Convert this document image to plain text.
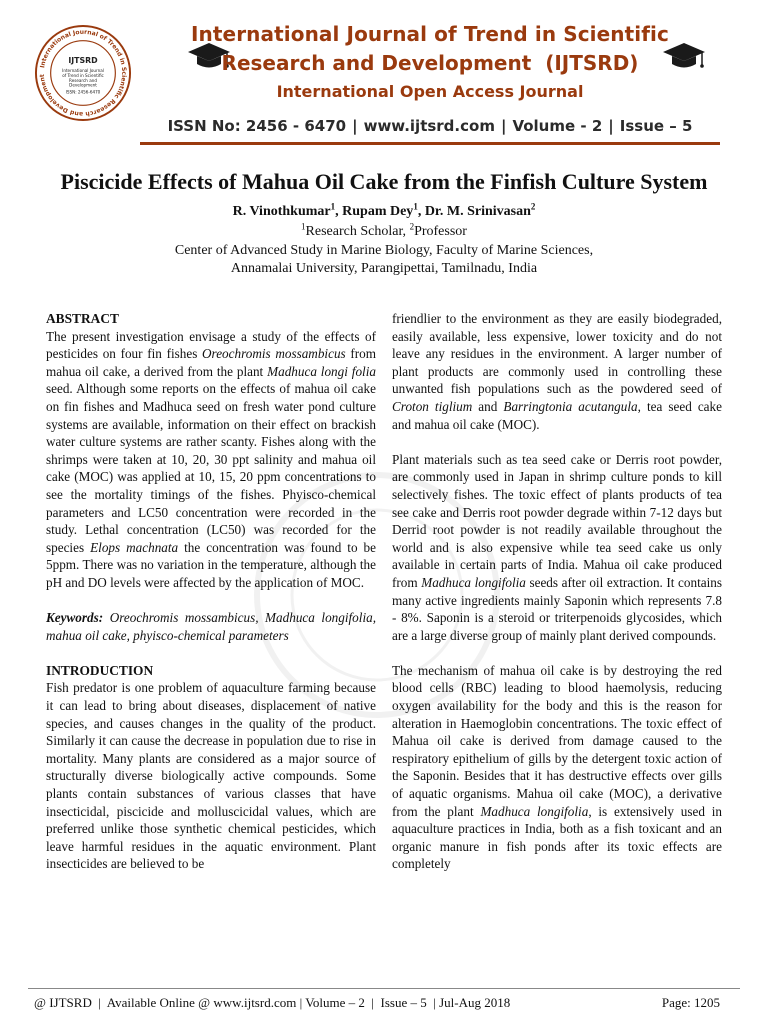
International Journal of Trend in Scientific Research and Development
IJTSRD
International Journal
of Trend in Scientific
Research and
Development
ISSN: 2456-6470
International Journal of Trend in Scientific
Research and Development  (IJTSRD)
International Open Access Journal
ISSN No: 2456 - 6470 | www.ijtsrd.com | Volume - 2 | Issue – 5
Piscicide Effects of Mahua Oil Cake from the Finfish Culture System
R. Vinothkumar$^1$, Rupam Dey$^1$, Dr. M. Srinivasan$^2$
$^1$Research Scholar, $^2$Professor
Center of Advanced Study in Marine Biology, Faculty of Marine Sciences,
Annamalai University, Parangipettai, Tamilnadu, India
ABSTRACT

The present investigation envisage a study of the effects of pesticides on four fin fishes Oreochromis mossambicus from mahua oil cake, a derived from the plant Madhuca longi folia seed. Although some reports on the effects of mahua oil cake on fin fishes and Madhuca seed on fresh water pond culture systems are available, information on their effect on brackish water culture systems are rather scanty. Fishes along with the shrimps were taken at 10, 20, 30 ppt salinity and mahua oil cake (MOC) was applied at 10, 15, 20 ppm concentrations to see the mortality timings of the fishes. Phyisco-chemical parameters and LC50 concentration were recorded in the study. Lethal concentration (LC50) was recorded for the species Elops machnata the concentration was found to be 5ppm. There was no variation in the temperature, although the pH and DO levels were affected by the application of MOC.

Keywords: Oreochromis mossambicus, Madhuca longifolia, mahua oil cake, phyisco-chemical parameters

INTRODUCTION

Fish predator is one problem of aquaculture farming because it can lead to bring about diseases, displacement of native species, and causes changes in the quality of the product. Similarly it can cause the decrease in population due to rise in mortality. Many plants are considered as a major source of structurally diverse biologically active compounds. Some plants contain substances of various classes that have insecticidal, piscicide and molluscicidal values, which are preferred unlike those synthetic chemical pesticides, which leave harmful residues in the aquatic environment. Plant insecticides are believed to be

friendlier to the environment as they are easily biodegraded, easily available, less expensive, lower toxicity and do not leave any residues in the environment. A larger number of plant products are commonly used in controlling these unwanted fish populations such as the powdered seed of Croton tiglium and Barringtonia acutangula, tea seed cake and mahua oil cake (MOC).

Plant materials such as tea seed cake or Derris root powder, are commonly used in Japan in shrimp culture ponds to kill selectively fishes. The toxic effect of plants products of tea see cake and Derris root powder degrade within 7-12 days but Derrid root powder is not readily available throughout the world and is also expensive while tea seed cake us only available in certain parts of India. Mahua oil cake produced from Madhuca longifolia seeds after oil extraction. It contains many active ingredients mainly Saponin which represents 7.8 - 8%. Saponin is a steroid or triterpenoids glycosides, which are a large diverse group of mainly plant derived compounds.

The mechanism of mahua oil cake is by destroying the red blood cells (RBC) leading to blood haemolysis, reducing oxygen availability for the body and this is the reason for alteration in Haemoglobin concentrations. The toxic effect of Mahua oil cake is derived from damage caused to the respiratory epithelium of gills by the detergent toxic action of the Saponin. Besides that it has destructive effects over gills of aquatic organisms. Mahua oil cake (MOC), a derivative from the plant Madhuca longifolia, is extensively used in aquaculture practices in India, both as a fish toxicant and an organic manure in fish ponds after its toxic effects are completely

@ IJTSRD  |  Available Online @ www.ijtsrd.com | Volume – 2  |  Issue – 5  | Jul-Aug 2018	Page: 1205
